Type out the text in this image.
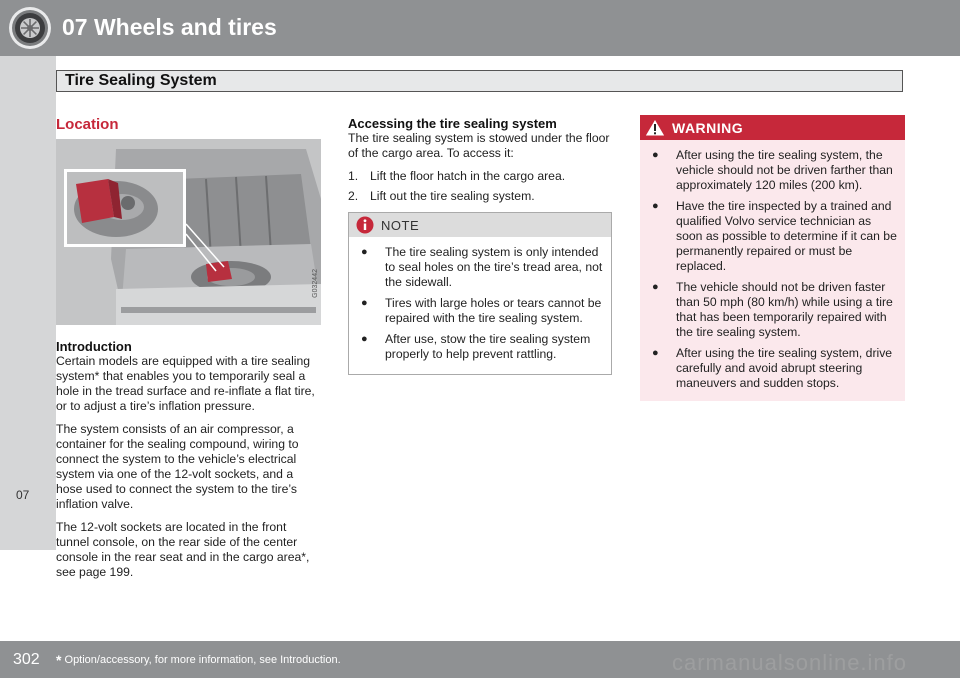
07 Wheels and tires
07
Tire Sealing System
Location
G032442
Introduction

Certain models are equipped with a tire sealing system* that enables you to temporarily seal a hole in the tread surface and re-inflate a flat tire, or to adjust a tire’s inflation pressure.

The system consists of an air compressor, a container for the sealing compound, wiring to connect the system to the vehicle’s electrical system via one of the 12-volt sockets, and a hose used to connect the system to the tire’s inflation valve.

The 12-volt sockets are located in the front tunnel console, on the rear side of the center console in the rear seat and in the cargo area*, see page 199.

Accessing the tire sealing system

The tire sealing system is stowed under the floor of the cargo area. To access it:

1. Lift the floor hatch in the cargo area.
2. Lift out the tire sealing system.
NOTE
●	The tire sealing system is only intended to seal holes on the tire’s tread area, not the sidewall.
●	Tires with large holes or tears cannot be repaired with the tire sealing system.
●	After use, stow the tire sealing system properly to help prevent rattling.
WARNING
●	After using the tire sealing system, the vehicle should not be driven farther than approximately 120 miles (200 km).
●	Have the tire inspected by a trained and qualified Volvo service technician as soon as possible to determine if it can be permanently repaired or must be replaced.
●	The vehicle should not be driven faster than 50 mph (80 km/h) while using a tire that has been temporarily repaired with the tire sealing system.
●	After using the tire sealing system, drive carefully and avoid abrupt steering maneuvers and sudden stops.
302 * Option/accessory, for more information, see Introduction.	carmanualsonline.info
